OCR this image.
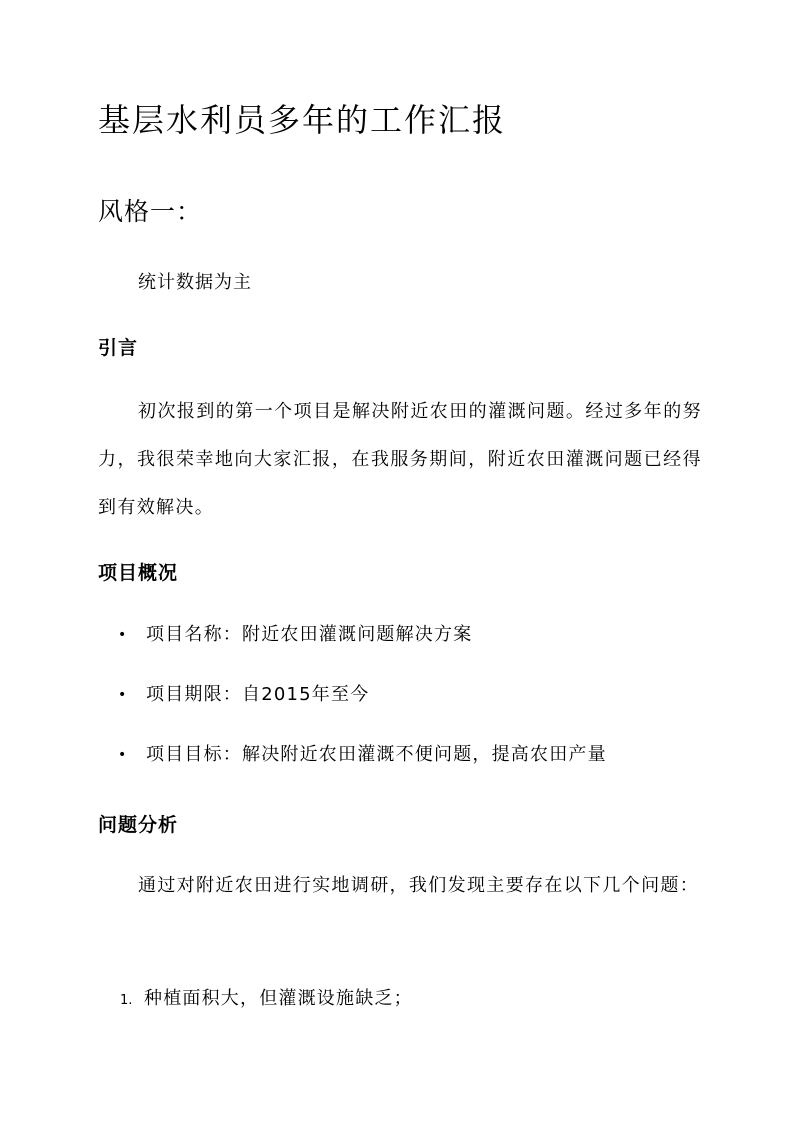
基层水利员多年的工作汇报
风格一：

统计数据为主

引言

初次报到的第一个项目是解决附近农田的灌溉问题。经过多年的努力，我很荣幸地向大家汇报，在我服务期间，附近农田灌溉问题已经得到有效解决。

项目概况
• 项目名称：附近农田灌溉问题解决方案
• 项目期限：自2015年至今
• 项目目标：解决附近农田灌溉不便问题，提高农田产量
问题分析

通过对附近农田进行实地调研，我们发现主要存在以下几个问题：

1. 种植面积大，但灌溉设施缺乏；
